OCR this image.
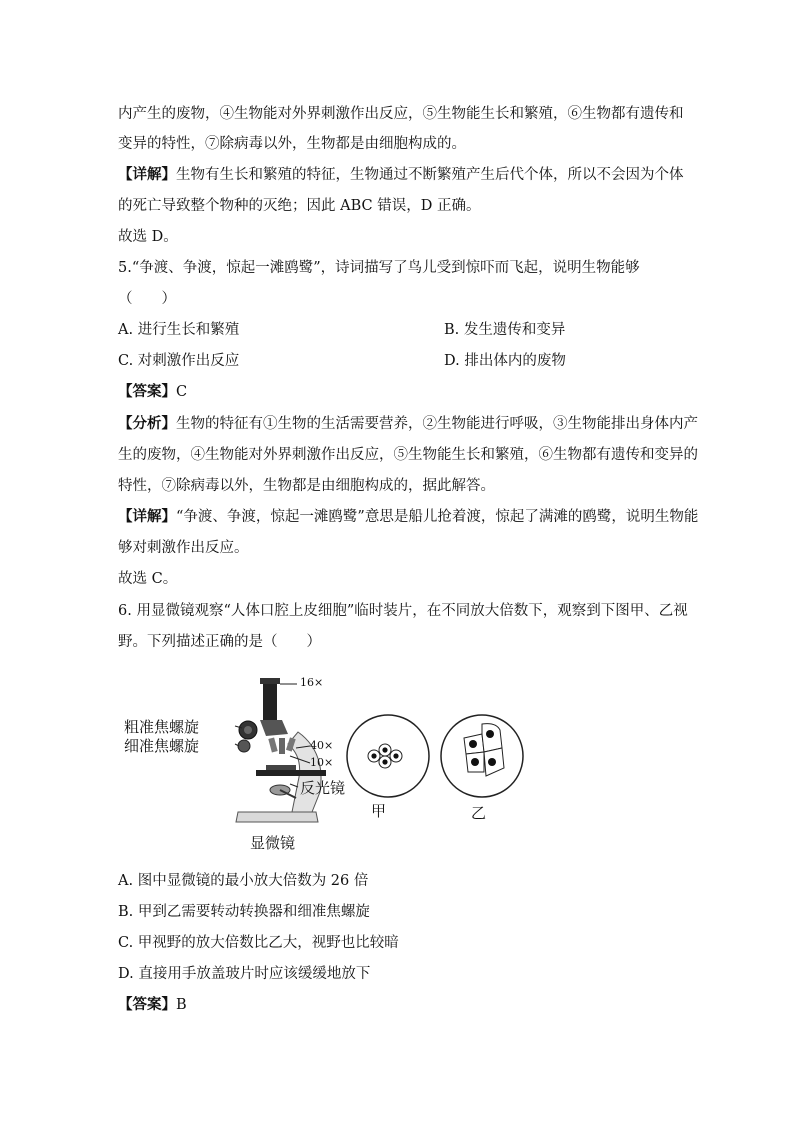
内产生的废物，④生物能对外界刺激作出反应，⑤生物能生长和繁殖，⑥生物都有遗传和
变异的特性，⑦除病毒以外，生物都是由细胞构成的。
【详解】生物有生长和繁殖的特征，生物通过不断繁殖产生后代个体，所以不会因为个体
的死亡导致整个物种的灭绝；因此 ABC 错误，D 正确。
故选 D。
5.“争渡、争渡，惊起一滩鸥鹭”，诗词描写了鸟儿受到惊吓而飞起，说明生物能够
（　　）
A. 进行生长和繁殖	B. 发生遗传和变异
C. 对刺激作出反应	D. 排出体内的废物
【答案】C
【分析】生物的特征有①生物的生活需要营养，②生物能进行呼吸，③生物能排出身体内产
生的废物，④生物能对外界刺激作出反应，⑤生物能生长和繁殖，⑥生物都有遗传和变异的
特性，⑦除病毒以外，生物都是由细胞构成的，据此解答。
【详解】“争渡、争渡，惊起一滩鸥鹭”意思是船儿抢着渡，惊起了满滩的鸥鹭，说明生物能
够对刺激作出反应。
故选 C。
6. 用显微镜观察“人体口腔上皮细胞”临时装片，在不同放大倍数下，观察到下图甲、乙视
野。下列描述正确的是（　　）
16×
粗准焦螺旋
细准焦螺旋	40×
10×
反光镜
显微镜
甲	乙
A. 图中显微镜的最小放大倍数为 26 倍
B. 甲到乙需要转动转换器和细准焦螺旋
C. 甲视野的放大倍数比乙大，视野也比较暗
D. 直接用手放盖玻片时应该缓缓地放下
【答案】B
